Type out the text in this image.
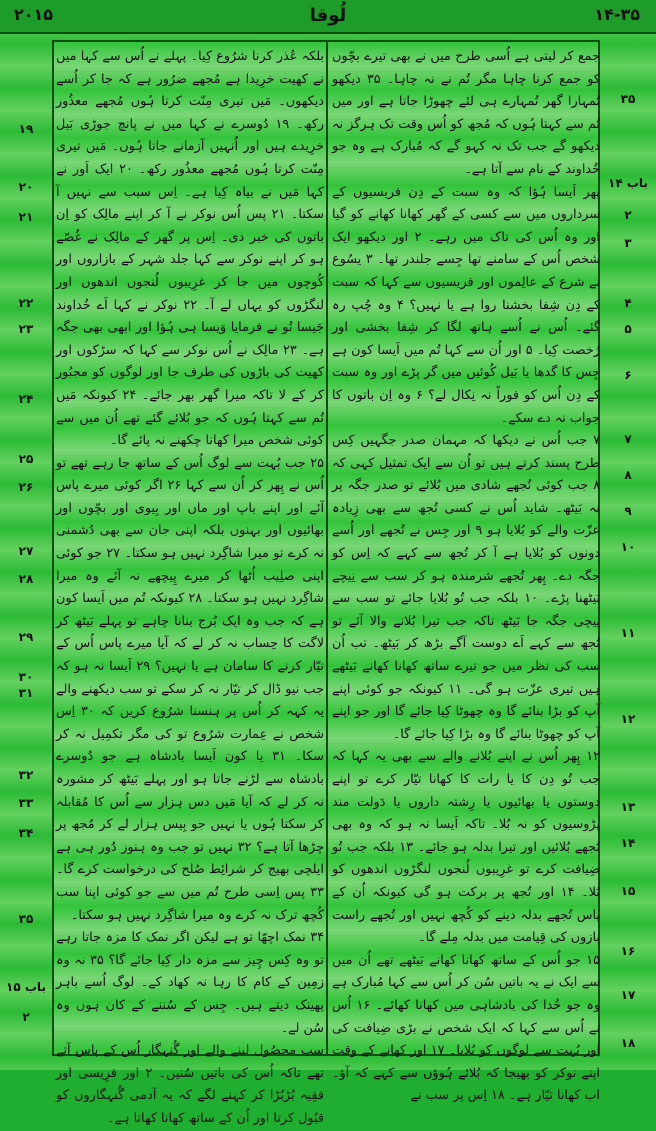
۲۰۱۵	لُوقا	۱۴-۳۵

جمع کر لیتی ہے اُسی طرح میں نے بھی تیرے بچّوں کو جمع کرنا چاہا مگر تُم نے نہ چاہا۔ ۳۵ دیکھو تُمہارا گھر تُمہارے ہی لئے چھوڑا جاتا ہے اور میں تُم سے کہتا ہُوں کہ مُجھ کو اُس وقت تک ہرگز نہ دیکھو گے جب تک نہ کہو گے کہ مُبارک ہے وہ جو خُداوند کے نام سے آتا ہے۔

پھر اَیسا ہُؤا کہ وہ سبت کے دِن فریسیوں کے سرداروں میں سے کسی کے گھر کھانا کھانے کو گیا اور وہ اُس کی تاک میں رہے۔ ۲ اور دیکھو ایک شخص اُس کے سامنے تھا جِسے جلندر تھا۔ ۳ یسُوع نے شرع کے عالِموں اور فریسیوں سے کہا کہ سبت کے دِن شِفا بخشنا روا ہے یا نہیں؟ ۴ وہ چُپ رہ گئے۔ اُس نے اُسے ہاتھ لگا کر شِفا بخشی اور رُخصت کِیا۔ ۵ اور اُن سے کہا تُم میں اَیسا کون ہے جِس کا گدھا یا بَیل کُوئیں میں گر پڑے اور وہ سبت کے دِن اُس کو فوراً نہ نِکال لے؟ ۶ وہ اِن باتوں کا جواب نہ دے سکے۔

۷ جب اُس نے دیکھا کہ مہمان صدر جگہیں کِس طرح پسند کرتے ہیں تو اُن سے ایک تمثیل کہی کہ ۸ جب کوئی تُجھے شادی میں بُلائے تو صدر جگہ پر نہ بَیٹھ۔ شاید اُس نے کسی تُجھ سے بھی زِیادہ عزّت والے کو بُلایا ہو ۹ اور جِس نے تُجھے اور اُسے دونوں کو بُلایا ہے آ کر تُجھ سے کہے کہ اِس کو جگہ دے۔ پِھر تُجھے شرمندہ ہو کر سب سے نِیچے بَیٹھنا پڑے۔ ۱۰ بلکہ جب تُو بُلایا جائے تو سب سے نِیچی جگہ جا بَیٹھ تاکہ جب تیرا بُلانے والا آئے تو تُجھ سے کہے اَے دوست آگے بڑھ کر بَیٹھ۔ تب اُن سب کی نظر میں جو تیرے ساتھ کھانا کھانے بَیٹھے ہیں تیری عزّت ہو گی۔ ۱۱ کیونکہ جو کوئی اپنے آپ کو بڑا بنائے گا وہ چھوٹا کِیا جائے گا اور جو اپنے آپ کو چھوٹا بنائے گا وہ بڑا کِیا جائے گا۔

۱۲ پِھر اُس نے اپنے بُلانے والے سے بھی یہ کہا کہ جب تُو دِن کا یا رات کا کھانا تیّار کرے تو اپنے دوستوں یا بھائیوں یا رِشتہ داروں یا دَولت مند پڑوسیوں کو نہ بُلا۔ تاکہ اَیسا نہ ہو کہ وہ بھی تُجھے بُلائیں اور تیرا بدلہ ہو جائے۔ ۱۳ بلکہ جب تُو ضِیافت کرے تو غرِیبوں لُنجوں لنگڑوں اندھوں کو بُلا۔ ۱۴ اور تُجھ پر برکت ہو گی کیونکہ اُن کے پاس تُجھے بدلہ دینے کو کُچھ نہیں اور تُجھے راست بازوں کی قِیامت میں بدلہ مِلے گا۔

۱۵ جو اُس کے ساتھ کھانا کھانے بَیٹھے تھے اُن میں سے ایک نے یہ باتیں سُن کر اُس سے کہا مُبارک ہے وہ جو خُدا کی بادشاہی میں کھانا کھائے۔ ۱۶ اُس نے اُس سے کہا کہ ایک شخص نے بڑی ضِیافت کی اور بُہت سے لوگوں کو بُلایا۔ ۱۷ اور کھانے کے وقت اپنے نوکر کو بھیجا کہ بُلائے ہُوؤں سے کہے کہ آؤ۔ اب کھانا تیّار ہے۔ ۱۸ اِس پر سب نے

بلکہ عُذر کرنا شرُوع کِیا۔ پہلے نے اُس سے کہا میں نے کھیت خرِیدا ہے مُجھے ضرُور ہے کہ جا کر اُسے دیکھوں۔ مَیں تیری مِنّت کرتا ہُوں مُجھے معذُور رکھ۔ ۱۹ دُوسرے نے کہا میں نے پانچ جوڑی بَیل خرِیدے ہیں اور اُنہیں آزمانے جاتا ہُوں۔ مَیں تیری مِنّت کرتا ہُوں مُجھے معذُور رکھ۔ ۲۰ ایک اَور نے کہا مَیں نے بیاہ کِیا ہے۔ اِس سبب سے نہیں آ سکتا۔ ۲۱ پس اُس نوکر نے آ کر اپنے مالِک کو اِن باتوں کی خبر دی۔ اِس پر گھر کے مالِک نے غُصّے ہو کر اپنے نوکر سے کہا جلد شہر کے بازاروں اور کُوچوں میں جا کر غرِیبوں لُنجوں اندھوں اور لنگڑوں کو یہاں لے آ۔ ۲۲ نوکر نے کہا اَے خُداوند جَیسا تُو نے فرمایا وَیسا ہی ہُؤا اور ابھی بھی جگہ ہے۔ ۲۳ مالِک نے اُس نوکر سے کہا کہ سڑکوں اور کھیت کی باڑوں کی طرف جا اور لوگوں کو مجبُور کر کے لا تاکہ میرا گھر بھر جائے۔ ۲۴ کیونکہ مَیں تُم سے کہتا ہُوں کہ جو بُلائے گئے تھے اُن میں سے کوئی شخص میرا کھانا چکھنے نہ پائے گا۔

۲۵ جب بُہت سے لوگ اُس کے ساتھ جا رہے تھے تو اُس نے پِھر کر اُن سے کہا ۲۶ اگر کوئی میرے پاس آئے اور اپنے باپ اور ماں اور بِیوی اور بچّوں اور بھائیوں اور بہنوں بلکہ اپنی جان سے بھی دُشمنی نہ کرے تو میرا شاگِرد نہیں ہو سکتا۔ ۲۷ جو کوئی اپنی صلِیب اُٹھا کر میرے پِیچھے نہ آئے وہ میرا شاگِرد نہیں ہو سکتا۔ ۲۸ کیونکہ تُم میں اَیسا کون ہے کہ جب وہ ایک بُرج بنانا چاہے تو پہلے بَیٹھ کر لاگت کا حِساب نہ کر لے کہ آیا میرے پاس اُس کے تیّار کرنے کا سامان ہے یا نہیں؟ ۲۹ اَیسا نہ ہو کہ جب نیو ڈال کر تیّار نہ کر سکے تو سب دیکھنے والے یہ کہہ کر اُس پر ہنسنا شرُوع کریں کہ ۳۰ اِس شخص نے عِمارت شرُوع تو کی مگر تکمِیل نہ کر سکا۔ ۳۱ یا کون اَیسا بادشاہ ہے جو دُوسرے بادشاہ سے لڑنے جاتا ہو اور پہلے بَیٹھ کر مشورہ نہ کر لے کہ آیا مَیں دس ہزار سے اُس کا مُقابلہ کر سکتا ہُوں یا نہیں جو بِیس ہزار لے کر مُجھ پر چڑھا آتا ہے؟ ۳۲ نہیں تو جب وہ ہنوز دُور ہی ہے ایلچی بھیج کر شرائِط صُلح کی درخواست کرے گا۔ ۳۳ پس اِسی طرح تُم میں سے جو کوئی اپنا سب کُچھ ترک نہ کرے وہ میرا شاگِرد نہیں ہو سکتا۔

۳۴ نمک اچھّا تو ہے لیکن اگر نمک کا مزہ جاتا رہے تو وہ کِس چِیز سے مزہ دار کِیا جائے گا؟ ۳۵ نہ وہ زمِین کے کام کا رہا نہ کھاد کے۔ لوگ اُسے باہر پھینک دیتے ہیں۔ جِس کے سُننے کے کان ہوں وہ سُن لے۔

سب محصُول لینے والے اور گُنہگار اُس کے پاس آتے تھے تاکہ اُس کی باتیں سُنیں۔ ۲ اور فرِیسی اور فقِیہ بُڑبُڑا کر کہنے لگے کہ یہ آدمی گُنہگاروں کو قبُول کرتا اور اُن کے ساتھ کھانا کھاتا ہے۔

۳۵
۱۴ باب
۲
۳
۴
۵
۶
۷
۸
۹
۱۰
۱۱
۱۲
۱۳
۱۴
۱۵
۱۶
۱۷
۱۸
۱۹
۲۰
۲۱
۲۲
۲۳
۲۴
۲۵
۲۶
۲۷
۲۸
۲۹
۳۰
۳۱
۳۲
۳۳
۳۴
۳۵
۱۵ باب
۲
